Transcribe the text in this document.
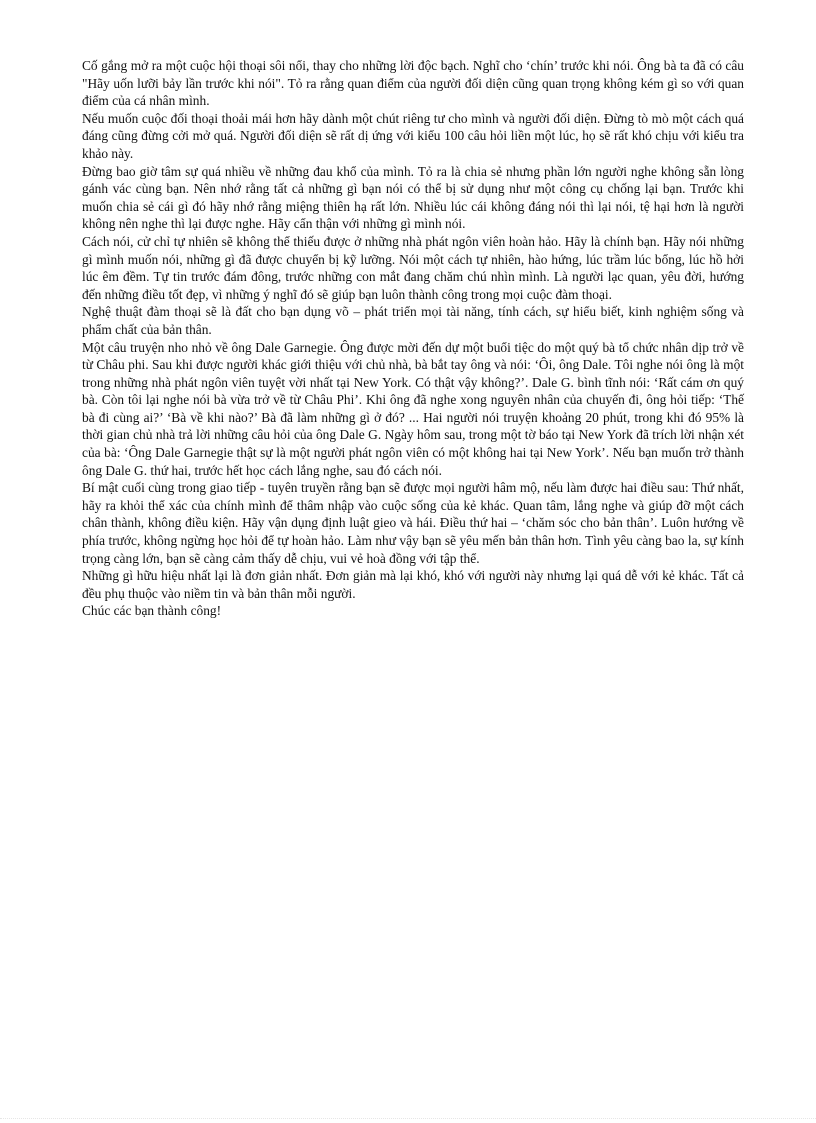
Cố gắng mở ra một cuộc hội thoại sôi nổi, thay cho những lời độc bạch. Nghĩ cho ‘chín’ trước khi nói. Ông bà ta đã có câu "Hãy uốn lưỡi bảy lần trước khi nói". Tỏ ra rằng quan điểm của người đối diện cũng quan trọng không kém gì so với quan điểm của cá nhân mình.

Nếu muốn cuộc đối thoại thoải mái hơn hãy dành một chút riêng tư cho mình và người đối diện. Đừng tò mò một cách quá đáng cũng đừng cởi mở quá. Người đối diện sẽ rất dị ứng với kiểu 100 câu hỏi liền một lúc, họ sẽ rất khó chịu với kiểu tra khảo này.

Đừng bao giờ tâm sự quá nhiều về những đau khổ của mình. Tỏ ra là chia sẻ nhưng phần lớn người nghe không sẵn lòng gánh vác cùng bạn. Nên nhớ rằng tất cả những gì bạn nói có thể bị sử dụng như một công cụ chống lại bạn. Trước khi muốn chia sẻ cái gì đó hãy nhớ rằng miệng thiên hạ rất lớn. Nhiều lúc cái không đáng nói thì lại nói, tệ hại hơn là người không nên nghe thì lại được nghe. Hãy cẩn thận với những gì mình nói.

Cách nói, cử chỉ tự nhiên sẽ không thể thiếu được ở những nhà phát ngôn viên hoàn hảo. Hãy là chính bạn. Hãy nói những gì mình muốn nói, những gì đã được chuyển bị kỹ lưỡng. Nói một cách tự nhiên, hào hứng, lúc trầm lúc bổng, lúc hồ hởi lúc êm đềm. Tự tin trước đám đông, trước những con mắt đang chăm chú nhìn mình. Là người lạc quan, yêu đời, hướng đến những điều tốt đẹp, vì những ý nghĩ đó sẽ giúp bạn luôn thành công trong mọi cuộc đàm thoại.

Nghệ thuật đàm thoại sẽ là đất cho bạn dụng võ – phát triển mọi tài năng, tính cách, sự hiểu biết, kinh nghiệm sống và phẩm chất của bản thân.

Một câu truyện nho nhỏ về ông Dale Garnegie. Ông được mời đến dự một buổi tiệc do một quý bà tổ chức nhân dịp trở về từ Châu phi. Sau khi được người khác giới thiệu với chủ nhà, bà bắt tay ông và nói: ‘Ôi, ông Dale. Tôi nghe nói ông là một trong những nhà phát ngôn viên tuyệt vời nhất tại New York. Có thật vậy không?’. Dale G. bình tĩnh nói: ‘Rất cám ơn quý bà. Còn tôi lại nghe nói bà vừa trở về từ Châu Phi’. Khi ông đã nghe xong nguyên nhân của chuyến đi, ông hỏi tiếp: ‘Thế bà đi cùng ai?’ ‘Bà về khi nào?’ Bà đã làm những gì ở đó? ... Hai người nói truyện khoảng 20 phút, trong khi đó 95% là thời gian chủ nhà trả lời những câu hỏi của ông Dale G. Ngày hôm sau, trong một tờ báo tại New York đã trích lời nhận xét của bà: ‘Ông Dale Garnegie thật sự là một người phát ngôn viên có một không hai tại New York’. Nếu bạn muốn trở thành ông Dale G. thứ hai, trước hết học cách lắng nghe, sau đó cách nói.

Bí mật cuối cùng trong giao tiếp - tuyên truyền rằng bạn sẽ được mọi người hâm mộ, nếu làm được hai điều sau: Thứ nhất, hãy ra khỏi thể xác của chính mình để thâm nhập vào cuộc sống của kẻ khác. Quan tâm, lắng nghe và giúp đỡ một cách chân thành, không điều kiện. Hãy vận dụng định luật gieo và hái. Điều thứ hai – ‘chăm sóc cho bản thân’. Luôn hướng về phía trước, không ngừng học hỏi để tự hoàn hảo. Làm như vậy bạn sẽ yêu mến bản thân hơn. Tình yêu càng bao la, sự kính trọng càng lớn, bạn sẽ càng cảm thấy dễ chịu, vui vẻ hoà đồng với tập thể.

Những gì hữu hiệu nhất lại là đơn giản nhất. Đơn giản mà lại khó, khó với người này nhưng lại quá dễ với kẻ khác. Tất cả đều phụ thuộc vào niềm tin và bản thân mỗi người.

Chúc các bạn thành công!
